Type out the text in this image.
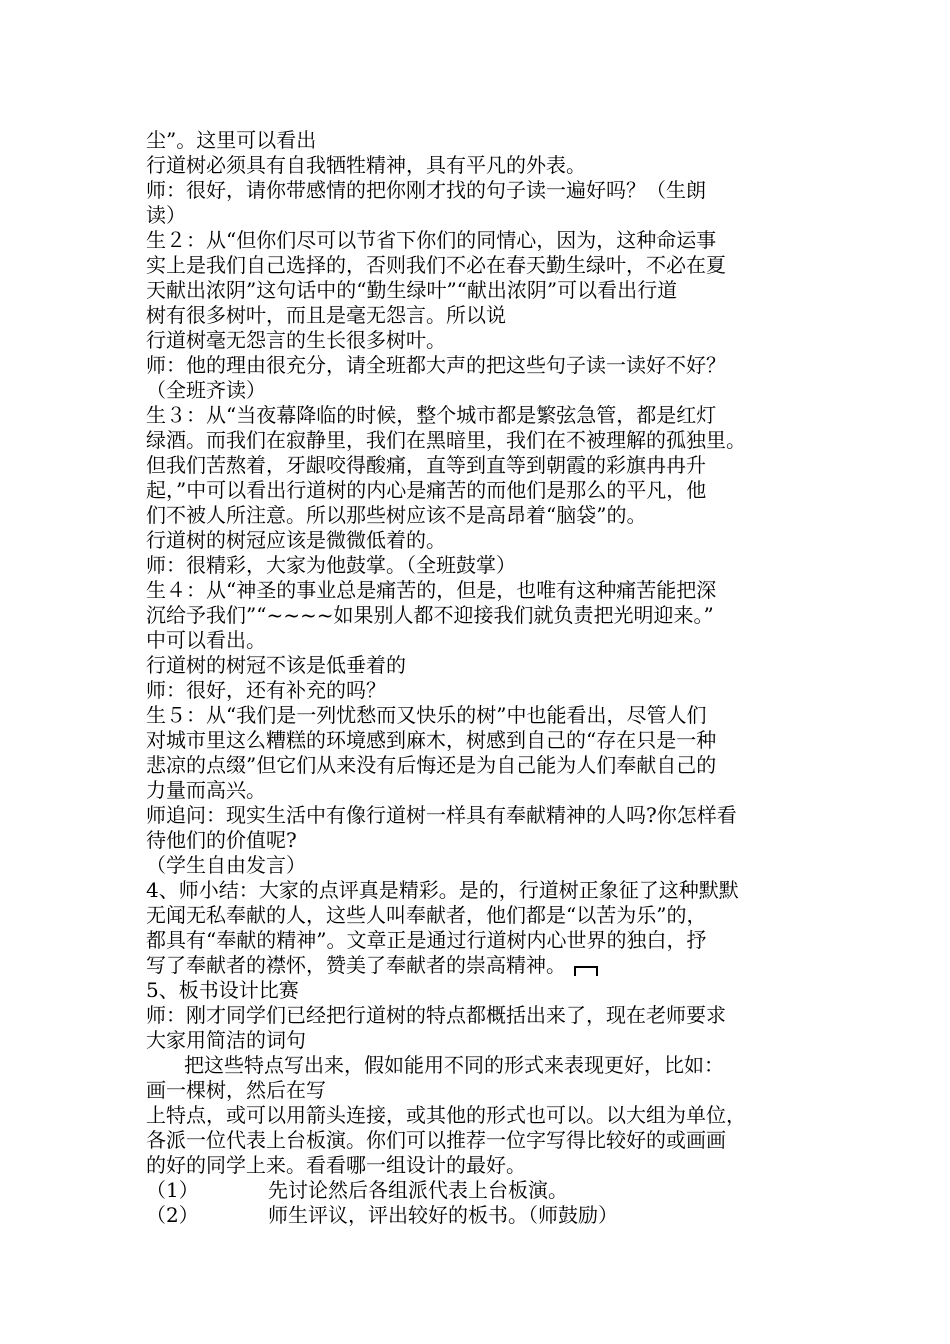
尘”。这里可以看出
行道树必须具有自我牺牲精神，具有平凡的外表。
师：很好，请你带感情的把你刚才找的句子读一遍好吗？（生朗
读）
生２：从“但你们尽可以节省下你们的同情心，因为，这种命运事
实上是我们自己选择的，否则我们不必在春天勤生绿叶，不必在夏
天献出浓阴”这句话中的“勤生绿叶”“献出浓阴”可以看出行道
树有很多树叶，而且是毫无怨言。所以说
行道树毫无怨言的生长很多树叶。
师：他的理由很充分，请全班都大声的把这些句子读一读好不好？
（全班齐读）
生３：从“当夜幕降临的时候，整个城市都是繁弦急管，都是红灯
绿酒。而我们在寂静里，我们在黑暗里，我们在不被理解的孤独里。
但我们苦熬着，牙龈咬得酸痛，直等到直等到朝霞的彩旗冉冉升
起，”中可以看出行道树的内心是痛苦的而他们是那么的平凡，他
们不被人所注意。所以那些树应该不是高昂着“脑袋”的。
行道树的树冠应该是微微低着的。
师：很精彩，大家为他鼓掌。（全班鼓掌）
生４：从“神圣的事业总是痛苦的，但是，也唯有这种痛苦能把深
沉给予我们”“~~~~如果别人都不迎接我们就负责把光明迎来。”
中可以看出。
行道树的树冠不该是低垂着的
师：很好，还有补充的吗？
生５：从“我们是一列忧愁而又快乐的树”中也能看出，尽管人们
对城市里这么糟糕的环境感到麻木，树感到自己的“存在只是一种
悲凉的点缀”但它们从来没有后悔还是为自己能为人们奉献自己的
力量而高兴。
师追问：现实生活中有像行道树一样具有奉献精神的人吗?你怎样看
待他们的价值呢?
（学生自由发言）
4、师小结：大家的点评真是精彩。是的，行道树正象征了这种默默
无闻无私奉献的人，这些人叫奉献者，他们都是“以苦为乐”的，
都具有“奉献的精神”。文章正是通过行道树内心世界的独白，抒
写了奉献者的襟怀，赞美了奉献者的崇高精神。
5、板书设计比赛
师：刚才同学们已经把行道树的特点都概括出来了，现在老师要求
大家用简洁的词句
把这些特点写出来，假如能用不同的形式来表现更好，比如：
画一棵树，然后在写
上特点，或可以用箭头连接，或其他的形式也可以。以大组为单位，
各派一位代表上台板演。你们可以推荐一位字写得比较好的或画画
的好的同学上来。看看哪一组设计的最好。
（1）	先讨论然后各组派代表上台板演。
（2）	师生评议，评出较好的板书。（师鼓励）
